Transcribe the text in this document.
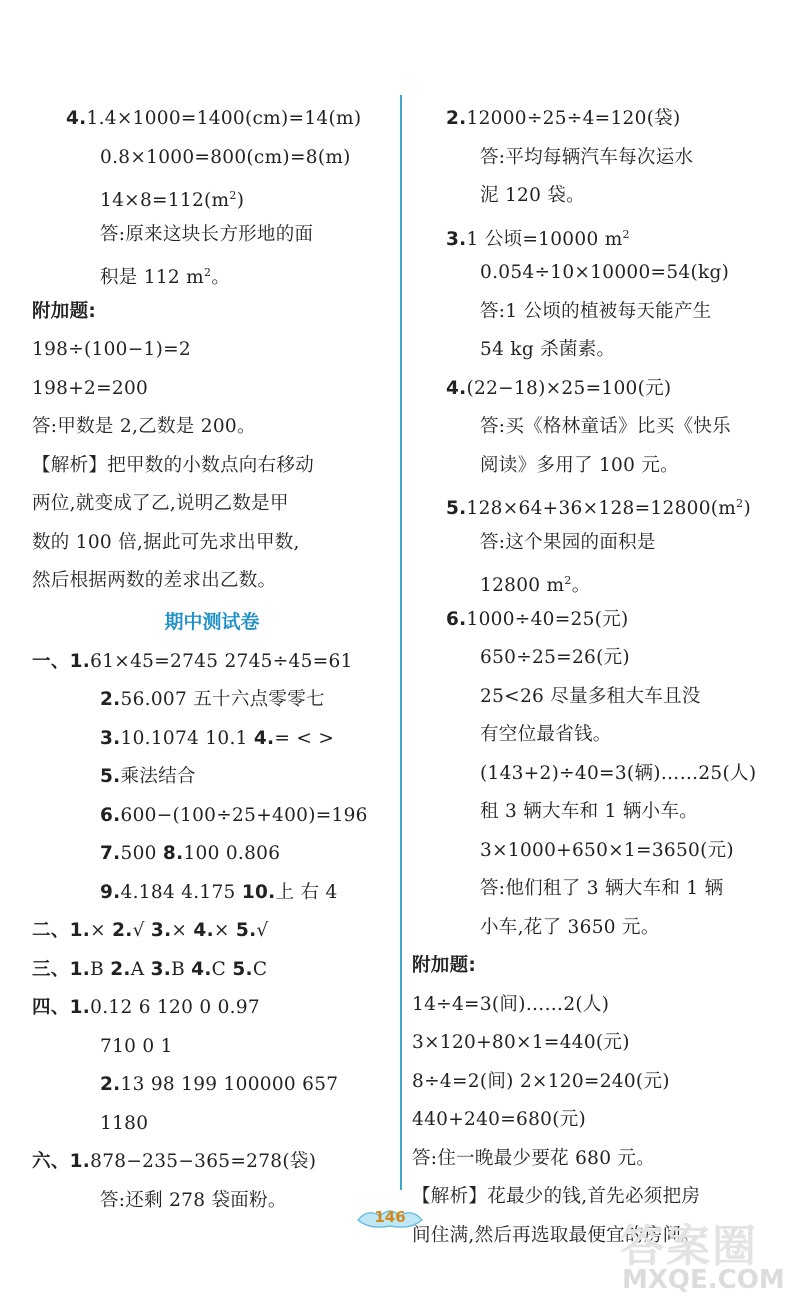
4.1.4×1000=1400(cm)=14(m)
0.8×1000=800(cm)=8(m)
$14\times 8=112(m^2)$
答:原来这块长方形地的面
积是 112 $m^2$。
附加题:
198÷(100−1)=2
198+2=200
答:甲数是 2,乙数是 200。
【解析】把甲数的小数点向右移动
两位,就变成了乙,说明乙数是甲
数的 100 倍,据此可先求出甲数,
然后根据两数的差求出乙数。
期中测试卷
一、1.61×45=2745 2745÷45=61
2.56.007 五十六点零零七
3.10.1074 10.1 4.= < >
5.乘法结合
6.600−(100÷25+400)=196
7.500 8.100 0.806
9.4.184 4.175 10.上 右 4
二、1.× 2.√ 3.× 4.× 5.√
三、1.B 2.A 3.B 4.C 5.C
四、1.0.12 6 120 0 0.97
710 0 1
2.13 98 199 100000 657
1180
六、1.878−235−365=278(袋)
答:还剩 278 袋面粉。
2.12000÷25÷4=120(袋)
答:平均每辆汽车每次运水
泥 120 袋。
3.1 公顷=10000 $m^2$
0.054÷10×10000=54(kg)
答:1 公顷的植被每天能产生
54 kg 杀菌素。
4.(22−18)×25=100(元)
答:买《格林童话》比买《快乐
阅读》多用了 100 元。
$5.128\times 64+36\times 128=12800(m^2)$
答:这个果园的面积是
12800 $m^2$。
6.1000÷40=25(元)
650÷25=26(元)
25<26 尽量多租大车且没
有空位最省钱。
(143+2)÷40=3(辆)……25(人)
租 3 辆大车和 1 辆小车。
3×1000+650×1=3650(元)
答:他们租了 3 辆大车和 1 辆
小车,花了 3650 元。
附加题:
14÷4=3(间)……2(人)
3×120+80×1=440(元)
8÷4=2(间) 2×120=240(元)
440+240=680(元)
答:住一晚最少要花 680 元。
【解析】花最少的钱,首先必须把房
间住满,然后再选取最便宜的房间。
146
答案圈
MXQE.COM
